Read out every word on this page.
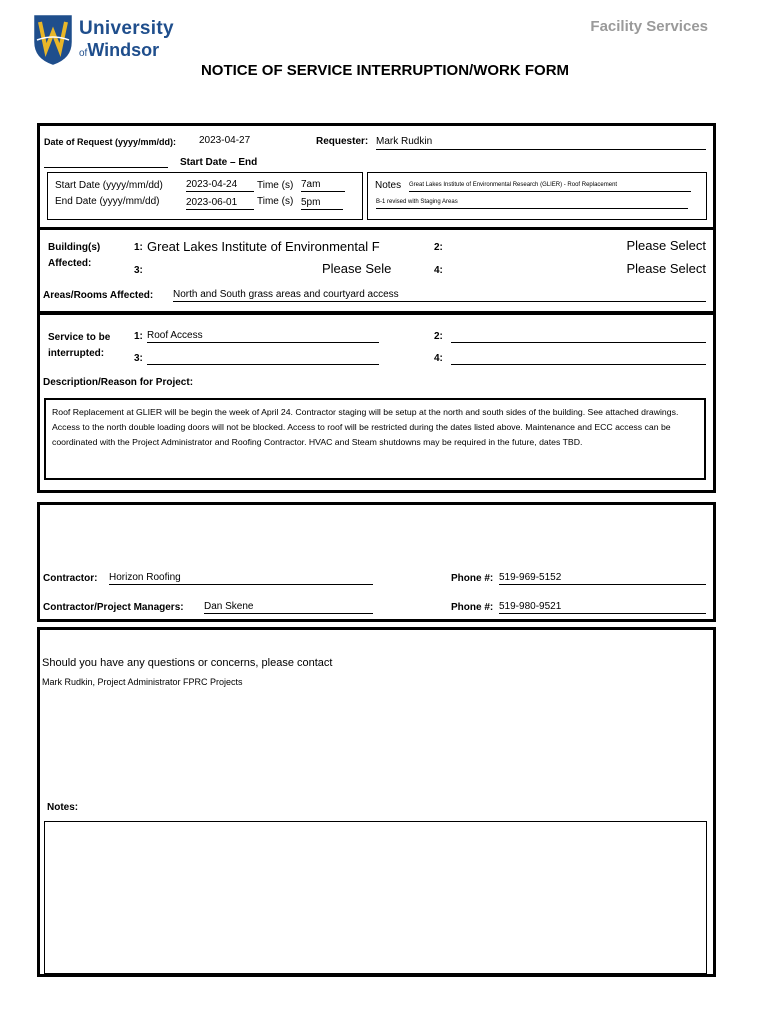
University
ofWindsor
Facility Services
NOTICE OF SERVICE INTERRUPTION/WORK FORM
Date of Request (yyyy/mm/dd): 2023-04-27	Requester: Mark Rudkin
Start Date – End
Start Date (yyyy/mm/dd) 2023-04-24	Time (s) 7am
End Date (yyyy/mm/dd)	2023-06-01	Time (s) 5pm
Notes Great Lakes Institute of Environmental Research (GLIER) - Roof Replacement
B-1 revised with Staging Areas
Building(s)
Affected:
1: Great Lakes Institute of Environmental F	2:	Please Select
3:	Please Sele	4:	Please Select
Areas/Rooms Affected: North and South grass areas and courtyard access
Service to be
interrupted:
1: Roof Access	2:
3:	4:
Description/Reason for Project:
Roof Replacement at GLIER will be begin the week of April 24. Contractor staging will be setup at the north and south sides of the building. See attached drawings. Access to the north double loading doors will not be blocked. Access to roof will be restricted during the dates listed above. Maintenance and ECC access can be coordinated with the Project Administrator and Roofing Contractor. HVAC and Steam shutdowns may be required in the future, dates TBD.
Contractor: Horizon Roofing	Phone #: 519-969-5152
Contractor/Project Managers: Dan Skene	Phone #: 519-980-9521
Should you have any questions or concerns, please contact
Mark Rudkin, Project Administrator FPRC Projects
Notes:
